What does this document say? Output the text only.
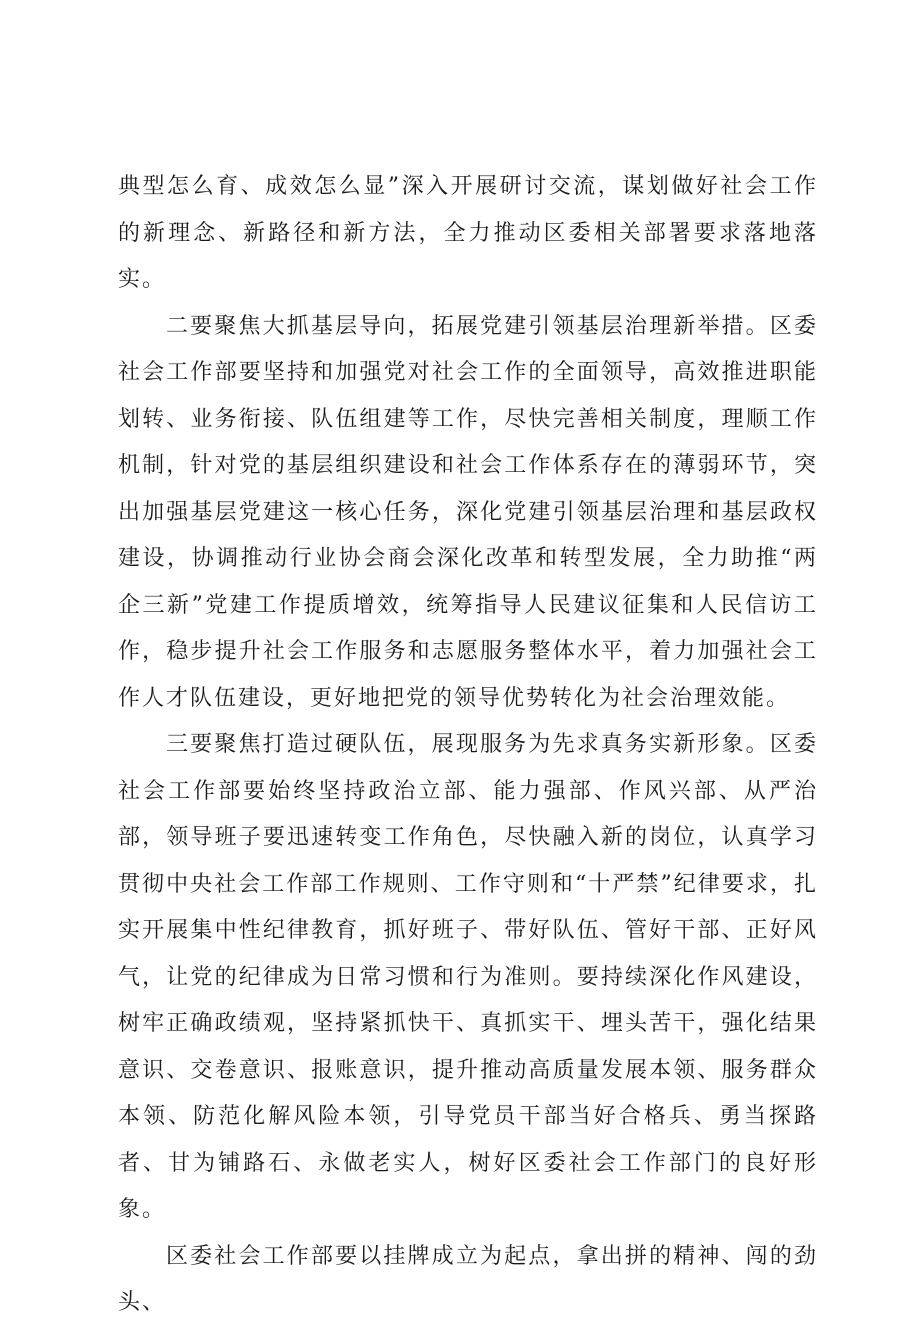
典型怎么育、成效怎么显”深入开展研讨交流，谋划做好社会工作的新理念、新路径和新方法，全力推动区委相关部署要求落地落实。

二要聚焦大抓基层导向，拓展党建引领基层治理新举措。区委社会工作部要坚持和加强党对社会工作的全面领导，高效推进职能划转、业务衔接、队伍组建等工作，尽快完善相关制度，理顺工作机制，针对党的基层组织建设和社会工作体系存在的薄弱环节，突出加强基层党建这一核心任务，深化党建引领基层治理和基层政权建设，协调推动行业协会商会深化改革和转型发展，全力助推“两企三新”党建工作提质增效，统筹指导人民建议征集和人民信访工作，稳步提升社会工作服务和志愿服务整体水平，着力加强社会工作人才队伍建设，更好地把党的领导优势转化为社会治理效能。

三要聚焦打造过硬队伍，展现服务为先求真务实新形象。区委社会工作部要始终坚持政治立部、能力强部、作风兴部、从严治部，领导班子要迅速转变工作角色，尽快融入新的岗位，认真学习贯彻中央社会工作部工作规则、工作守则和“十严禁”纪律要求，扎实开展集中性纪律教育，抓好班子、带好队伍、管好干部、正好风气，让党的纪律成为日常习惯和行为准则。要持续深化作风建设，树牢正确政绩观，坚持紧抓快干、真抓实干、埋头苦干，强化结果意识、交卷意识、报账意识，提升推动高质量发展本领、服务群众本领、防范化解风险本领，引导党员干部当好合格兵、勇当探路者、甘为铺路石、永做老实人，树好区委社会工作部门的良好形象。

区委社会工作部要以挂牌成立为起点，拿出拼的精神、闯的劲头、
